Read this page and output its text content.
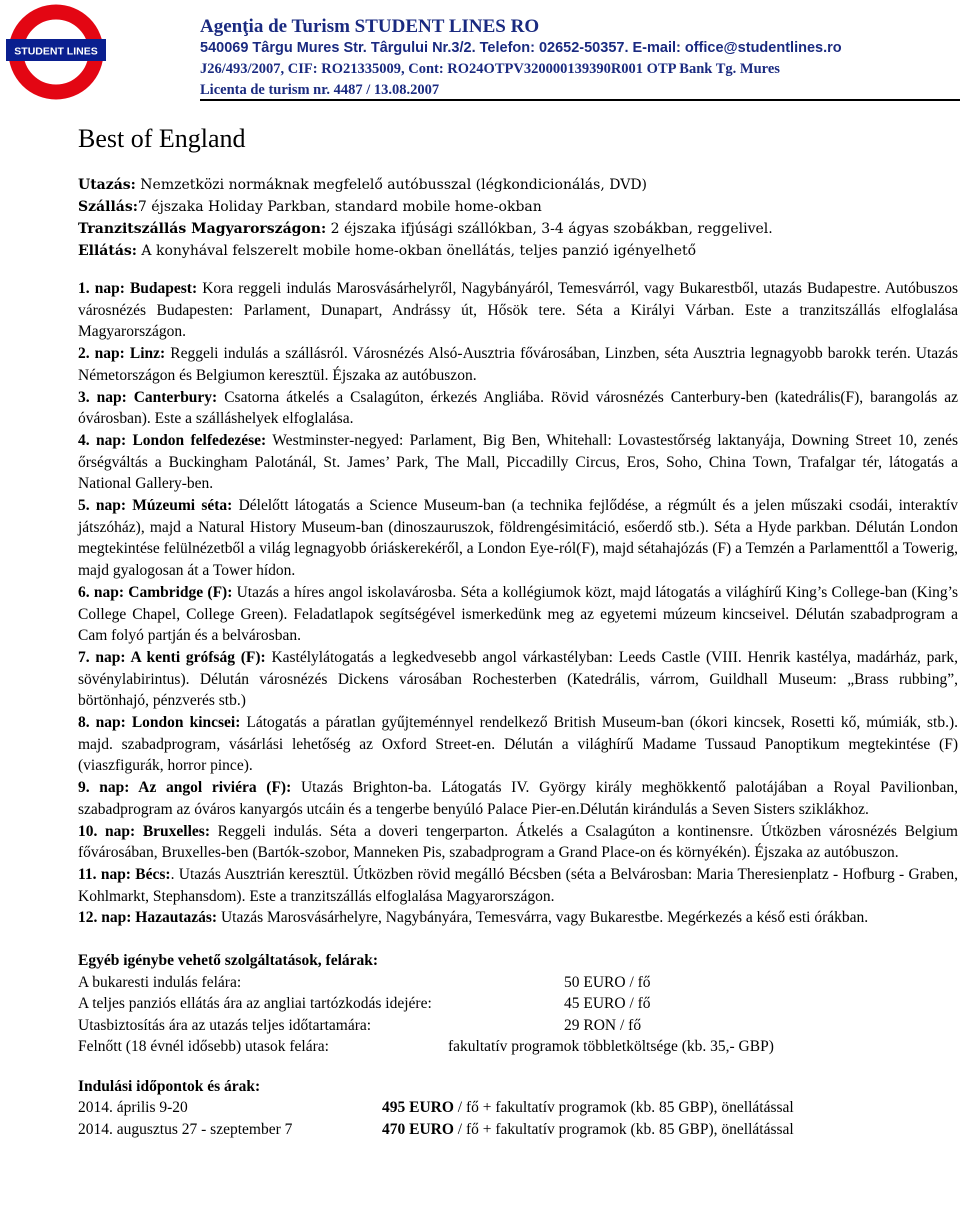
STUDENT LINES
Agenţia de Turism STUDENT LINES RO
540069 Târgu Mures Str. Târgului Nr.3/2. Telefon: 02652-50357. E-mail: office@studentlines.ro
J26/493/2007, CIF: RO21335009, Cont: RO24OTPV320000139390R001 OTP Bank Tg. Mures
Licenta de turism nr. 4487 / 13.08.2007
Best of England
Utazás: Nemzetközi normáknak megfelelő autóbusszal (légkondicionálás, DVD)
Szállás:7 éjszaka Holiday Parkban, standard mobile home-okban
Tranzitszállás Magyarországon: 2 éjszaka ifjúsági szállókban, 3-4 ágyas szobákban, reggelivel.
Ellátás: A konyhával felszerelt mobile home-okban önellátás, teljes panzió igényelhető

1. nap: Budapest: Kora reggeli indulás Marosvásárhelyről, Nagybányáról, Temesvárról, vagy Bukarestből, utazás Budapestre. Autóbuszos városnézés Budapesten: Parlament, Dunapart, Andrássy út, Hősök tere. Séta a Királyi Várban. Este a tranzitszállás elfoglalása Magyarországon.

2. nap: Linz: Reggeli indulás a szállásról. Városnézés Alsó-Ausztria fővárosában, Linzben, séta Ausztria legnagyobb barokk terén. Utazás Németországon és Belgiumon keresztül. Éjszaka az autóbuszon.

3. nap: Canterbury: Csatorna átkelés a Csalagúton, érkezés Angliába. Rövid városnézés Canterbury-ben (katedrális(F), barangolás az óvárosban). Este a szálláshelyek elfoglalása.

4. nap: London felfedezése: Westminster-negyed: Parlament, Big Ben, Whitehall: Lovastestőrség laktanyája, Downing Street 10, zenés őrségváltás a Buckingham Palotánál, St. James’ Park, The Mall, Piccadilly Circus, Eros, Soho, China Town, Trafalgar tér, látogatás a National Gallery-ben.

5. nap: Múzeumi séta: Délelőtt látogatás a Science Museum-ban (a technika fejlődése, a régmúlt és a jelen műszaki csodái, interaktív játszóház), majd a Natural History Museum-ban (dinoszauruszok, földrengésimitáció, esőerdő stb.). Séta a Hyde parkban. Délután London megtekintése felülnézetből a világ legnagyobb óriáskerekéről, a London Eye-ról(F), majd sétahajózás (F) a Temzén a Parlamenttől a Towerig, majd gyalogosan át a Tower hídon.

6. nap: Cambridge (F): Utazás a híres angol iskolavárosba. Séta a kollégiumok közt, majd látogatás a világhírű King’s College-ban (King’s College Chapel, College Green). Feladatlapok segítségével ismerkedünk meg az egyetemi múzeum kincseivel. Délután szabadprogram a Cam folyó partján és a belvárosban.

7. nap: A kenti grófság (F): Kastélylátogatás a legkedvesebb angol várkastélyban: Leeds Castle (VIII. Henrik kastélya, madárház, park, sövénylabirintus). Délután városnézés Dickens városában Rochesterben (Katedrális, várrom, Guildhall Museum: „Brass rubbing”, börtönhajó, pénzverés stb.)

8. nap: London kincsei: Látogatás a páratlan gyűjteménnyel rendelkező British Museum-ban (ókori kincsek, Rosetti kő, múmiák, stb.). majd. szabadprogram, vásárlási lehetőség az Oxford Street-en. Délután a világhírű Madame Tussaud Panoptikum megtekintése (F) (viaszfigurák, horror pince).

9. nap: Az angol riviéra (F): Utazás Brighton-ba. Látogatás IV. György király meghökkentő palotájában a Royal Pavilionban, szabadprogram az óváros kanyargós utcáin és a tengerbe benyúló Palace Pier-en.Délután kirándulás a Seven Sisters sziklákhoz.

10. nap: Bruxelles: Reggeli indulás. Séta a doveri tengerparton. Átkelés a Csalagúton a kontinensre. Útközben városnézés Belgium fővárosában, Bruxelles-ben (Bartók-szobor, Manneken Pis, szabadprogram a Grand Place-on és környékén). Éjszaka az autóbuszon.

11. nap: Bécs:. Utazás Ausztrián keresztül. Útközben rövid megálló Bécsben (séta a Belvárosban: Maria Theresienplatz - Hofburg - Graben, Kohlmarkt, Stephansdom). Este a tranzitszállás elfoglalása Magyarországon.

12. nap: Hazautazás: Utazás Marosvásárhelyre, Nagybányára, Temesvárra, vagy Bukarestbe. Megérkezés a késő esti órákban.

Egyéb igénybe vehető szolgáltatások, felárak:
A bukaresti indulás felára:	50 EURO / fő
A teljes panziós ellátás ára az angliai tartózkodás idejére:	45 EURO / fő
Utasbiztosítás ára az utazás teljes időtartamára:	29 RON / fő
Felnőtt (18 évnél idősebb) utasok felára:	fakultatív programok többletköltsége (kb. 35,- GBP)
Indulási időpontok és árak:
2014. április 9-20	495 EURO / fő + fakultatív programok (kb. 85 GBP), önellátással
2014. augusztus 27 - szeptember 7	470 EURO / fő + fakultatív programok (kb. 85 GBP), önellátással
